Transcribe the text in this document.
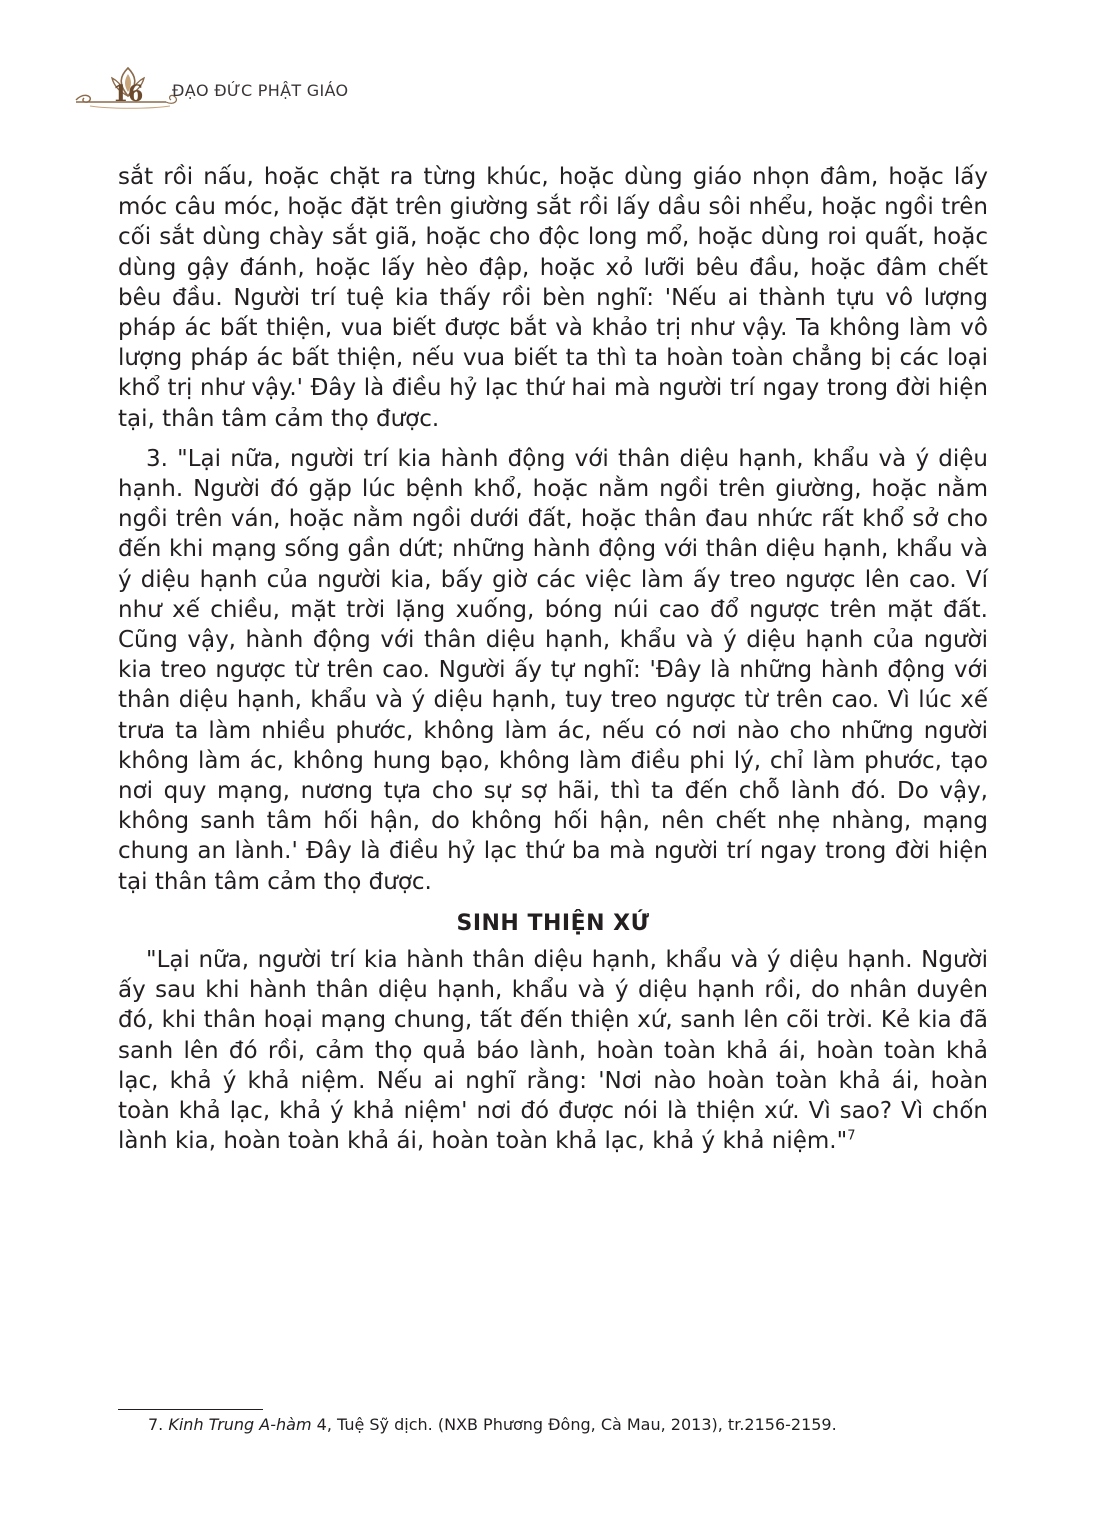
16 ĐẠO ĐỨC PHẬT GIÁO

sắt rồi nấu, hoặc chặt ra từng khúc, hoặc dùng giáo nhọn đâm, hoặc lấy móc câu móc, hoặc đặt trên giường sắt rồi lấy dầu sôi nhểu, hoặc ngồi trên cối sắt dùng chày sắt giã, hoặc cho độc long mổ, hoặc dùng roi quất, hoặc dùng gậy đánh, hoặc lấy hèo đập, hoặc xỏ lưỡi bêu đầu, hoặc đâm chết bêu đầu. Người trí tuệ kia thấy rồi bèn nghĩ: 'Nếu ai thành tựu vô lượng pháp ác bất thiện, vua biết được bắt và khảo trị như vậy. Ta không làm vô lượng pháp ác bất thiện, nếu vua biết ta thì ta hoàn toàn chẳng bị các loại khổ trị như vậy.' Đây là điều hỷ lạc thứ hai mà người trí ngay trong đời hiện tại, thân tâm cảm thọ được.

3. "Lại nữa, người trí kia hành động với thân diệu hạnh, khẩu và ý diệu hạnh. Người đó gặp lúc bệnh khổ, hoặc nằm ngồi trên giường, hoặc nằm ngồi trên ván, hoặc nằm ngồi dưới đất, hoặc thân đau nhức rất khổ sở cho đến khi mạng sống gần dứt; những hành động với thân diệu hạnh, khẩu và ý diệu hạnh của người kia, bấy giờ các việc làm ấy treo ngược lên cao. Ví như xế chiều, mặt trời lặng xuống, bóng núi cao đổ ngược trên mặt đất. Cũng vậy, hành động với thân diệu hạnh, khẩu và ý diệu hạnh của người kia treo ngược từ trên cao. Người ấy tự nghĩ: 'Đây là những hành động với thân diệu hạnh, khẩu và ý diệu hạnh, tuy treo ngược từ trên cao. Vì lúc xế trưa ta làm nhiều phước, không làm ác, nếu có nơi nào cho những người không làm ác, không hung bạo, không làm điều phi lý, chỉ làm phước, tạo nơi quy mạng, nương tựa cho sự sợ hãi, thì ta đến chỗ lành đó. Do vậy, không sanh tâm hối hận, do không hối hận, nên chết nhẹ nhàng, mạng chung an lành.' Đây là điều hỷ lạc thứ ba mà người trí ngay trong đời hiện tại thân tâm cảm thọ được.

SINH THIỆN XỨ

"Lại nữa, người trí kia hành thân diệu hạnh, khẩu và ý diệu hạnh. Người ấy sau khi hành thân diệu hạnh, khẩu và ý diệu hạnh rồi, do nhân duyên đó, khi thân hoại mạng chung, tất đến thiện xứ, sanh lên cõi trời. Kẻ kia đã sanh lên đó rồi, cảm thọ quả báo lành, hoàn toàn khả ái, hoàn toàn khả lạc, khả ý khả niệm. Nếu ai nghĩ rằng: 'Nơi nào hoàn toàn khả ái, hoàn toàn khả lạc, khả ý khả niệm' nơi đó được nói là thiện xứ. Vì sao? Vì chốn lành kia, hoàn toàn khả ái, hoàn toàn khả lạc, khả ý khả niệm."$^7$

7. Kinh Trung A-hàm 4, Tuệ Sỹ dịch. (NXB Phương Đông, Cà Mau, 2013), tr.2156-2159.
